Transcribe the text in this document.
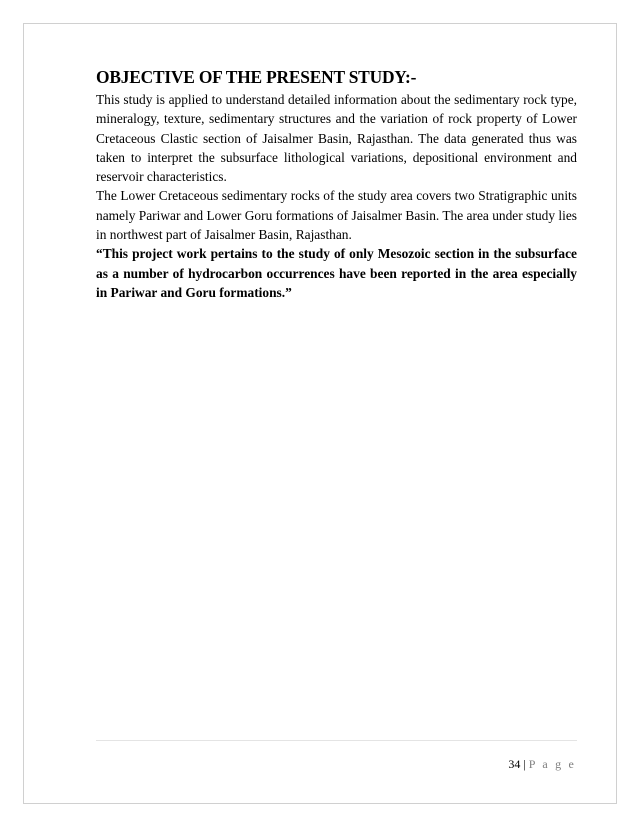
OBJECTIVE OF THE PRESENT STUDY:-

This study is applied to understand detailed information about the sedimentary rock type, mineralogy, texture, sedimentary structures and the variation of rock property of Lower Cretaceous Clastic section of Jaisalmer Basin, Rajasthan. The data generated thus was taken to interpret the subsurface lithological variations, depositional environment and reservoir characteristics.

The Lower Cretaceous sedimentary rocks of the study area covers two Stratigraphic units namely Pariwar and Lower Goru formations of Jaisalmer Basin. The area under study lies in northwest part of Jaisalmer Basin, Rajasthan.

“This project work pertains to the study of only Mesozoic section in the subsurface as a number of hydrocarbon occurrences have been reported in the area especially in Pariwar and Goru formations.”

34 | P a g e
